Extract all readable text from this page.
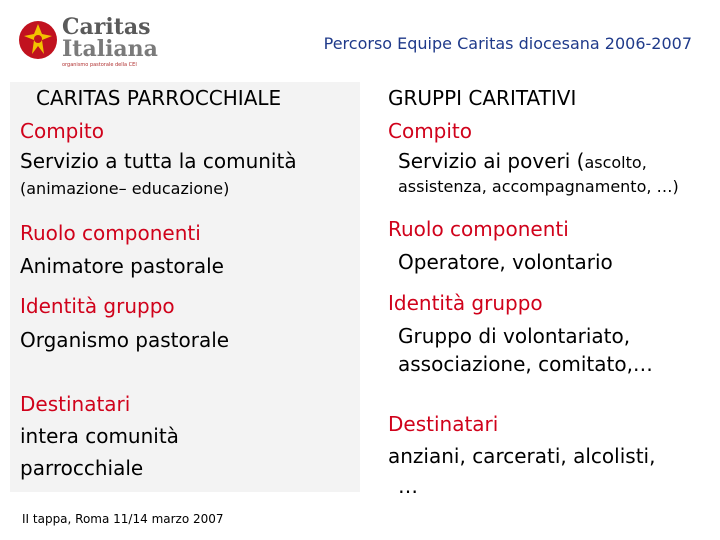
Caritas
Italiana
organismo pastorale della CEI
Percorso Equipe Caritas diocesana 2006-2007
CARITAS PARROCCHIALE
Compito
Servizio a tutta la comunità
(animazione– educazione)
Ruolo componenti
Animatore pastorale
Identità gruppo
Organismo pastorale
Destinatari
intera comunità
parrocchiale
GRUPPI CARITATIVI
Compito
Servizio ai poveri (ascolto,
assistenza, accompagnamento, …)
Ruolo componenti
Operatore, volontario
Identità gruppo
Gruppo di volontariato,
associazione, comitato,…
Destinatari
anziani, carcerati, alcolisti,
…
II tappa, Roma 11/14 marzo 2007
